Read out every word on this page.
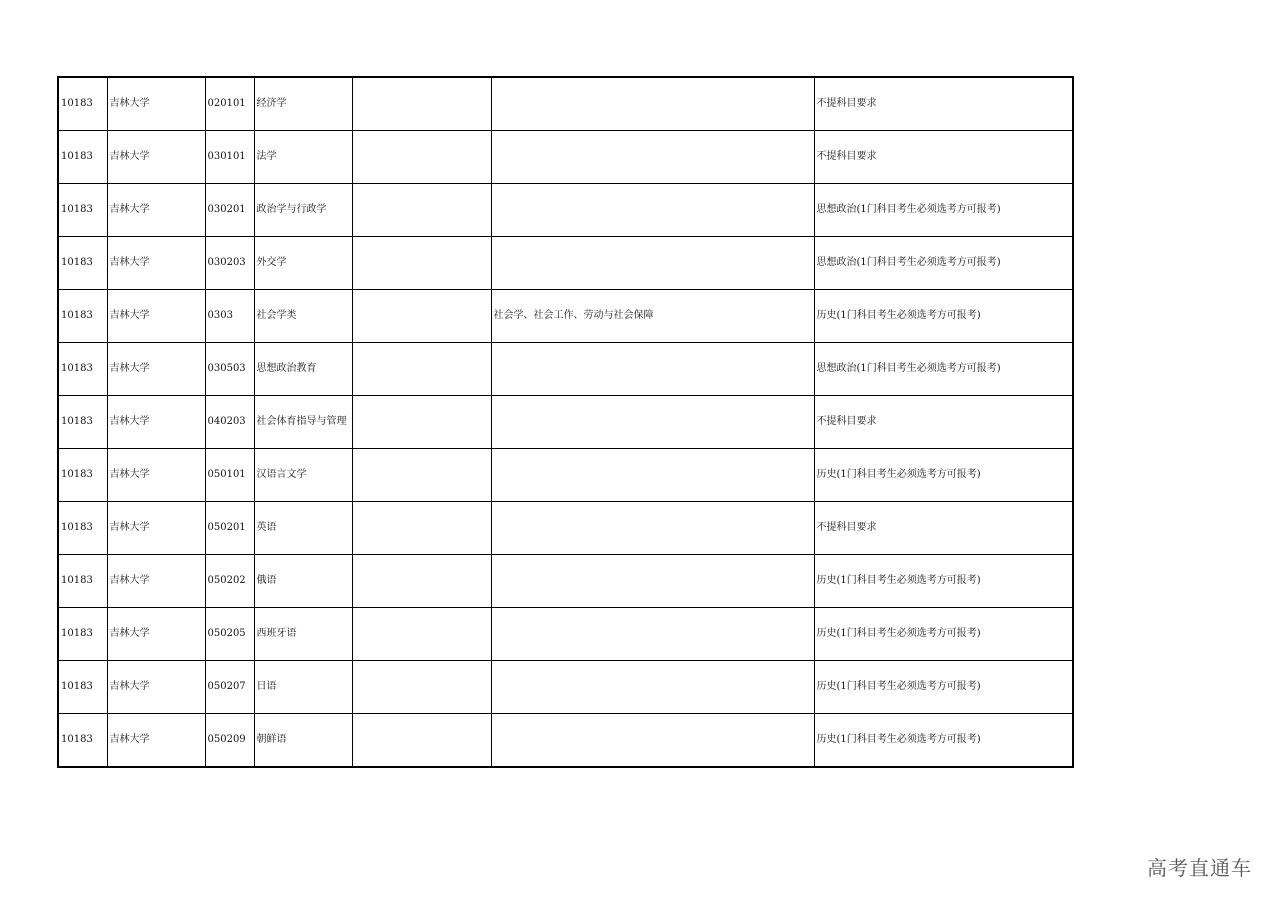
10183	吉林大学	020101	经济学			不提科目要求
10183	吉林大学	030101	法学			不提科目要求
10183	吉林大学	030201	政治学与行政学			思想政治(1门科目考生必须选考方可报考)
10183	吉林大学	030203	外交学			思想政治(1门科目考生必须选考方可报考)
10183	吉林大学	0303	社会学类		社会学、社会工作、劳动与社会保障	历史(1门科目考生必须选考方可报考)
10183	吉林大学	030503	思想政治教育			思想政治(1门科目考生必须选考方可报考)
10183	吉林大学	040203	社会体育指导与管理			不提科目要求
10183	吉林大学	050101	汉语言文学			历史(1门科目考生必须选考方可报考)
10183	吉林大学	050201	英语			不提科目要求
10183	吉林大学	050202	俄语			历史(1门科目考生必须选考方可报考)
10183	吉林大学	050205	西班牙语			历史(1门科目考生必须选考方可报考)
10183	吉林大学	050207	日语			历史(1门科目考生必须选考方可报考)
10183	吉林大学	050209	朝鲜语			历史(1门科目考生必须选考方可报考)
高考直通车
